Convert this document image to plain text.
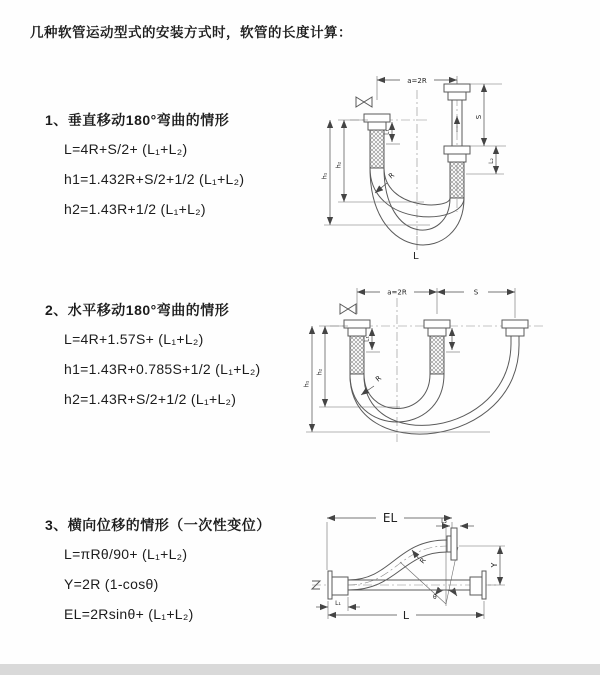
几种软管运动型式的安装方式时，软管的长度计算：
1、垂直移动180°弯曲的情形
L=4R+S/2+ (L₁+L₂)
h1=1.432R+S/2+1/2 (L₁+L₂)
h2=1.43R+1/2 (L₁+L₂)
2、水平移动180°弯曲的情形
L=4R+1.57S+ (L₁+L₂)
h1=1.43R+0.785S+1/2 (L₁+L₂)
h2=1.43R+S/2+1/2 (L₁+L₂)
3、横向位移的情形（一次性变位）
L=πRθ/90+ (L₁+L₂)
Y=2R (1-cosθ)
EL=2Rsinθ+ (L₁+L₂)
a=2R
h₁
h₂
L₁
S
L₂
R
L
a=2R	S
h₁
h₂
L₁
R
θ
EL	L₂
Y
R
L
L₁
